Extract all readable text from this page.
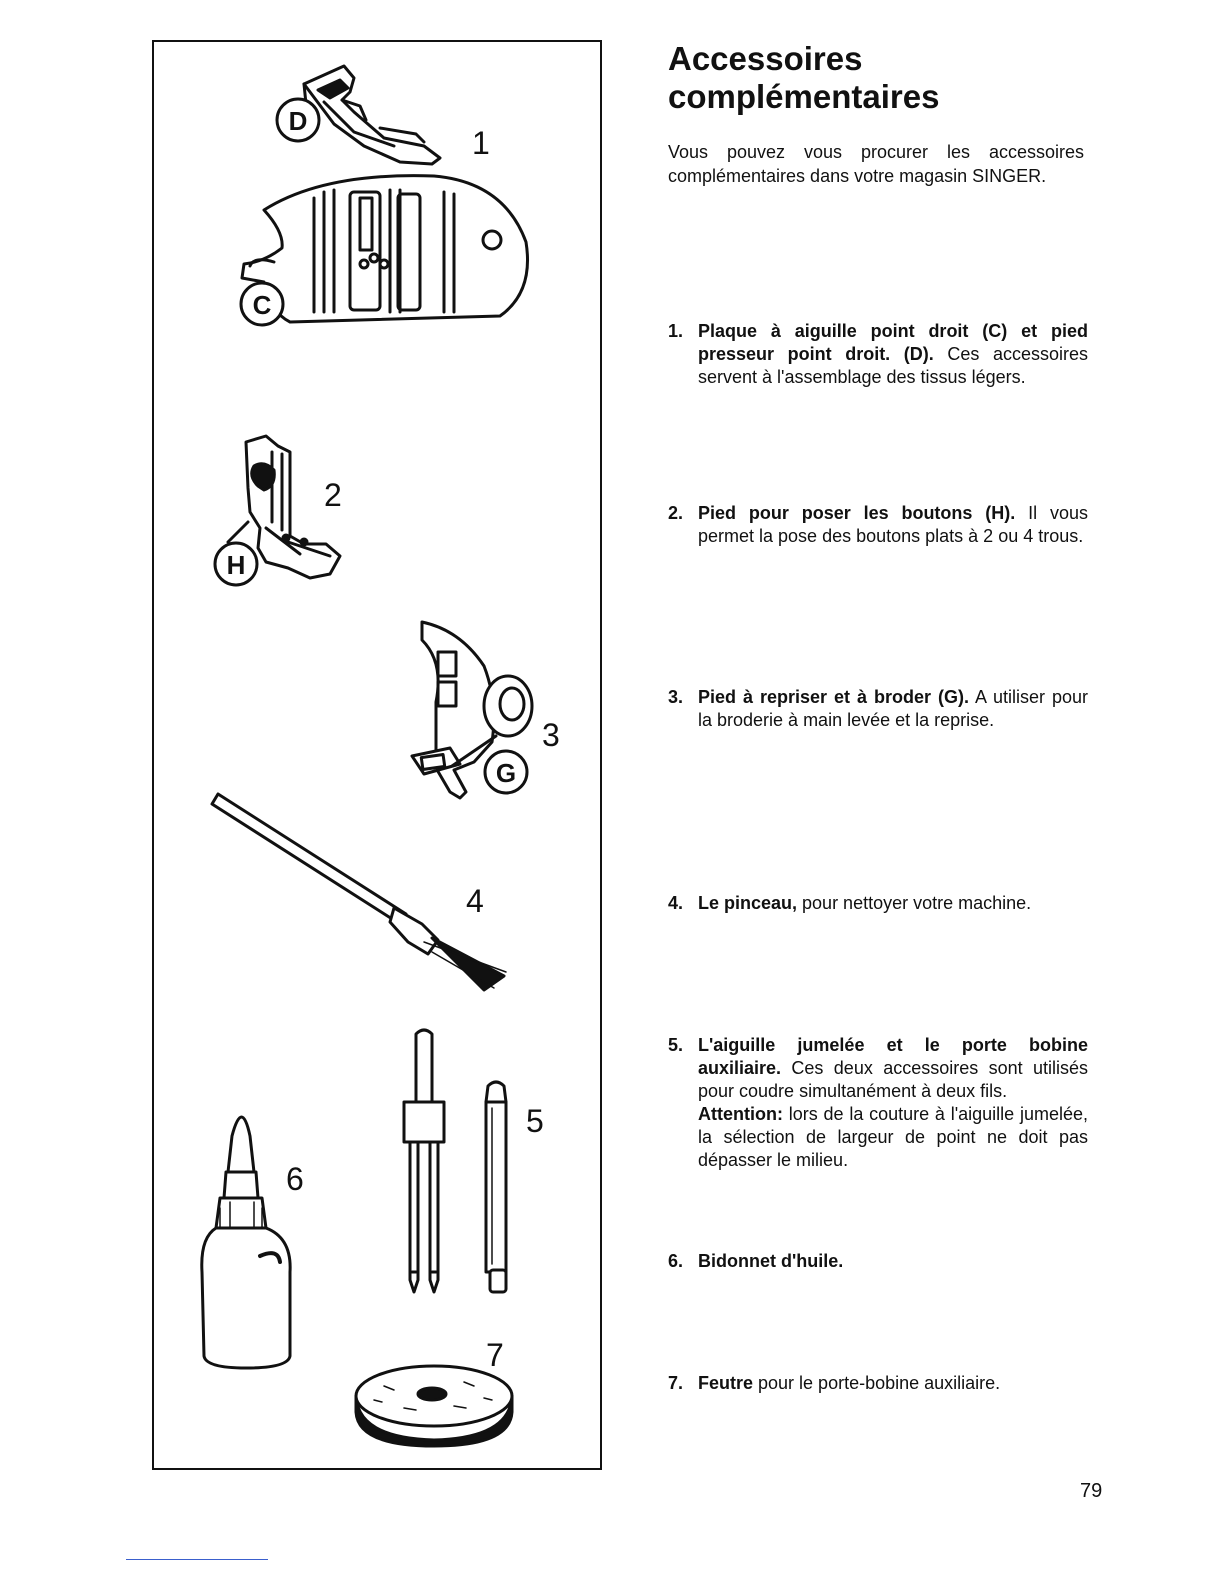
D
1
C
H
2
G
3
4
5
6
7
Accessoires
complémentaires
Vous pouvez vous procurer les accessoires complémentaires dans votre magasin SINGER.
1. Plaque à aiguille point droit (C) et pied presseur point droit. (D). Ces accessoires servent à l'assemblage des tissus légers.
2. Pied pour poser les boutons (H). Il vous permet la pose des boutons plats à 2 ou 4 trous.
3. Pied à repriser et à broder (G). A utiliser pour la broderie à main levée et la reprise.
4. Le pinceau, pour nettoyer votre machine.
5. L'aiguille jumelée et le porte bobine auxiliaire. Ces deux accessoires sont utilisés pour coudre simultanément à deux fils.
Attention: lors de la couture à l'aiguille jumelée, la sélection de largeur de point ne doit pas dépasser le milieu.
6. Bidonnet d'huile.
7. Feutre pour le porte-bobine auxiliaire.
79
